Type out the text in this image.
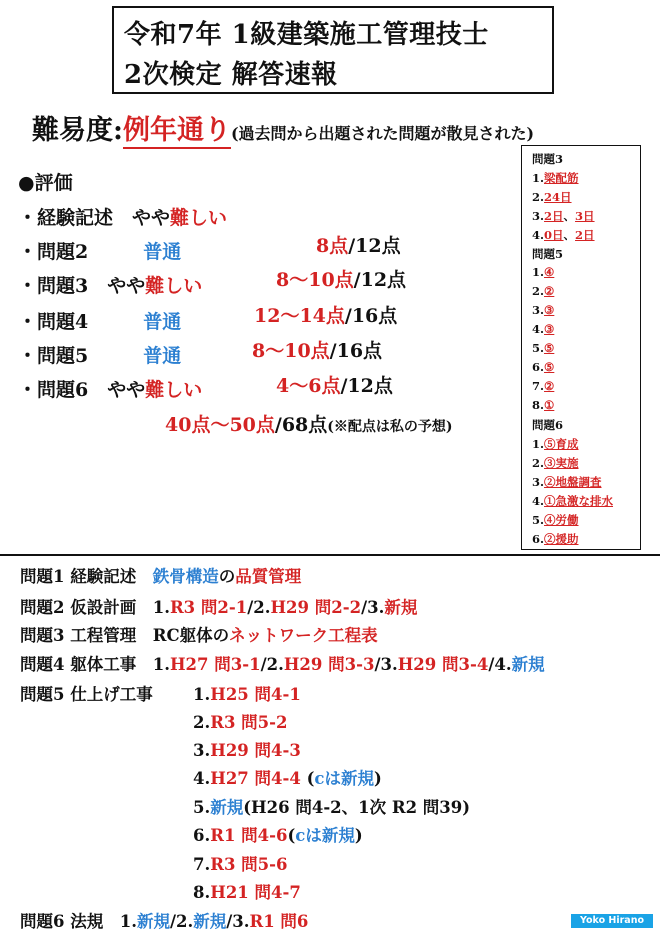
令和7年 1級建築施工管理技士
2次検定 解答速報
難易度:例年通り(過去問から出題された問題が散見された)
●評価
・経験記述　やや難しい
・問題2　普通	8点/12点
・問題3　やや難しい	8〜10点/12点
・問題4　普通	12〜14点/16点
・問題5　普通	8〜10点/16点
・問題6　やや難しい	4〜6点/12点
40点〜50点/68点(※配点は私の予想)
問題3
1.梁配筋
2.24日
3.2日、3日
4.0日、2日
問題5
1.④
2.②
3.③
4.③
5.⑤
6.⑤
7.②
8.①
問題6
1.⑤育成
2.③実施
3.②地盤調査
4.①急激な排水
5.④労働
6.②援助
問題1 経験記述　鉄骨構造の品質管理
問題2 仮設計画　1.R3 問2-1/2.H29 問2-2/3.新規
問題3 工程管理　RC躯体のネットワーク工程表
問題4 躯体工事　1.H27 問3-1/2.H29 問3-3/3.H29 問3-4/4.新規
問題5 仕上げ工事 1.H25 問4-1
2.R3 問5-2
3.H29 問4-3
4.H27 問4-4 (cは新規)
5.新規(H26 問4-2、1次 R2 問39)
6.R1 問4-6(cは新規)
7.R3 問5-6
8.H21 問4-7
問題6 法規　1.新規/2.新規/3.R1 問6	Yoko Hirano
